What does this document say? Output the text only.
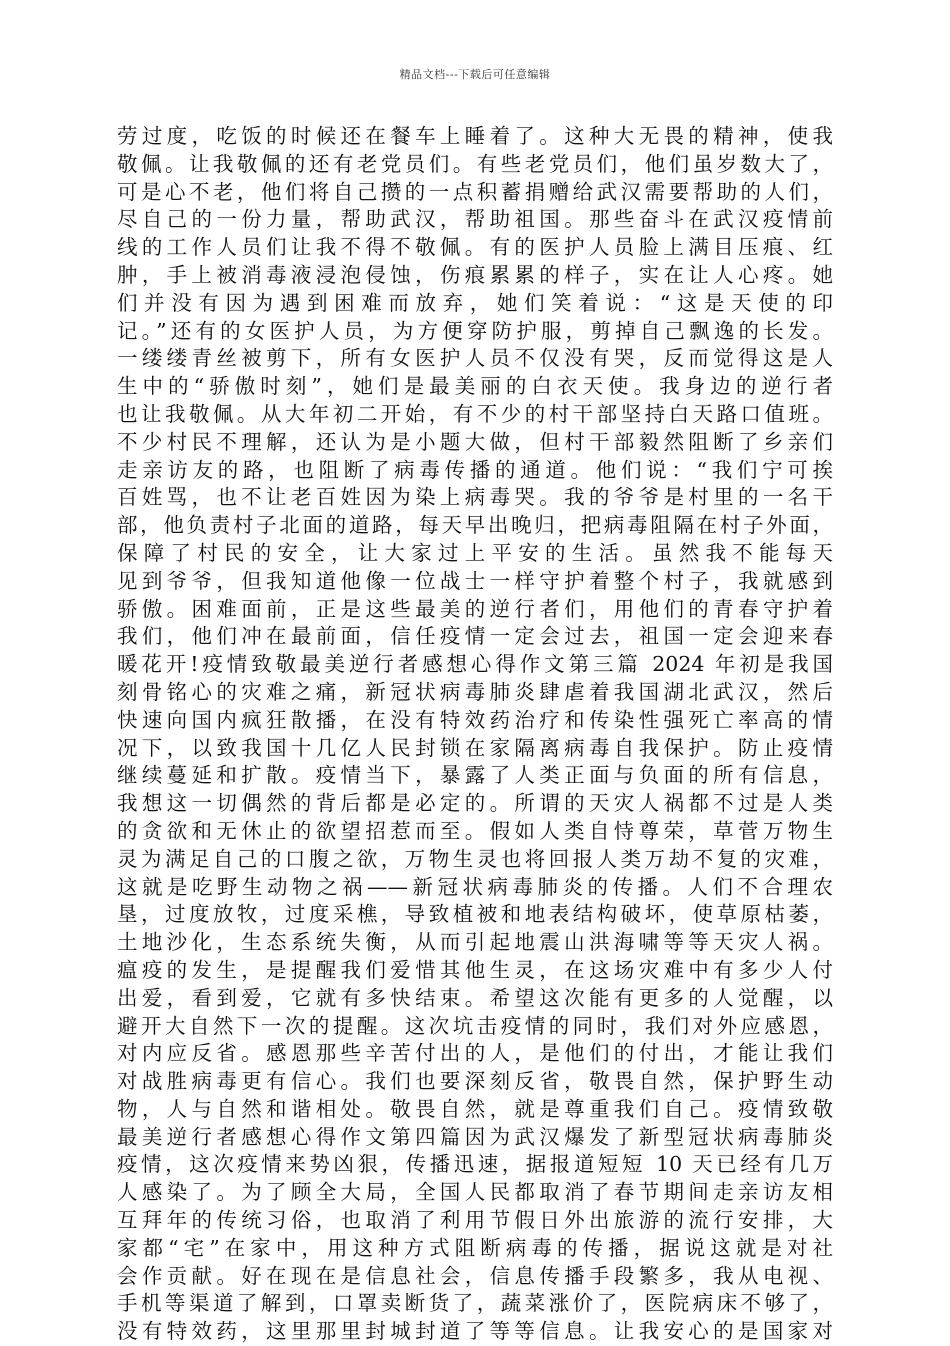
精品文档---下载后可任意编辑
劳过度，吃饭的时候还在餐车上睡着了。这种大无畏的精神，使我
敬佩。让我敬佩的还有老党员们。有些老党员们，他们虽岁数大了，
可是心不老，他们将自己攒的一点积蓄捐赠给武汉需要帮助的人们，
尽自己的一份力量，帮助武汉，帮助祖国。那些奋斗在武汉疫情前
线的工作人员们让我不得不敬佩。有的医护人员脸上满目压痕、红
肿，手上被消毒液浸泡侵蚀，伤痕累累的样子，实在让人心疼。她
们并没有因为遇到困难而放弃，她们笑着说：“这是天使的印
记。”还有的女医护人员，为方便穿防护服，剪掉自己飘逸的长发。
一缕缕青丝被剪下，所有女医护人员不仅没有哭，反而觉得这是人
生中的“骄傲时刻”，她们是最美丽的白衣天使。我身边的逆行者
也让我敬佩。从大年初二开始，有不少的村干部坚持白天路口值班。
不少村民不理解，还认为是小题大做，但村干部毅然阻断了乡亲们
走亲访友的路，也阻断了病毒传播的通道。他们说：“我们宁可挨
百姓骂，也不让老百姓因为染上病毒哭。我的爷爷是村里的一名干
部，他负责村子北面的道路，每天早出晚归，把病毒阻隔在村子外面，
保障了村民的安全，让大家过上平安的生活。虽然我不能每天
见到爷爷，但我知道他像一位战士一样守护着整个村子，我就感到
骄傲。困难面前，正是这些最美的逆行者们，用他们的青春守护着
我们，他们冲在最前面，信任疫情一定会过去，祖国一定会迎来春
暖花开!疫情致敬最美逆行者感想心得作文第三篇 2024 年初是我国
刻骨铭心的灾难之痛，新冠状病毒肺炎肆虐着我国湖北武汉，然后
快速向国内疯狂散播，在没有特效药治疗和传染性强死亡率高的情
况下，以致我国十几亿人民封锁在家隔离病毒自我保护。防止疫情
继续蔓延和扩散。疫情当下，暴露了人类正面与负面的所有信息，
我想这一切偶然的背后都是必定的。所谓的天灾人祸都不过是人类
的贪欲和无休止的欲望招惹而至。假如人类自恃尊荣，草菅万物生
灵为满足自己的口腹之欲，万物生灵也将回报人类万劫不复的灾难，
这就是吃野生动物之祸——新冠状病毒肺炎的传播。人们不合理农
垦，过度放牧，过度采樵，导致植被和地表结构破坏，使草原枯萎，
土地沙化，生态系统失衡，从而引起地震山洪海啸等等天灾人祸。
瘟疫的发生，是提醒我们爱惜其他生灵，在这场灾难中有多少人付
出爱，看到爱，它就有多快结束。希望这次能有更多的人觉醒，以
避开大自然下一次的提醒。这次坑击疫情的同时，我们对外应感恩，
对内应反省。感恩那些辛苦付出的人，是他们的付出，才能让我们
对战胜病毒更有信心。我们也要深刻反省，敬畏自然，保护野生动
物，人与自然和谐相处。敬畏自然，就是尊重我们自己。疫情致敬
最美逆行者感想心得作文第四篇因为武汉爆发了新型冠状病毒肺炎
疫情，这次疫情来势凶狠，传播迅速，据报道短短 10 天已经有几万
人感染了。为了顾全大局，全国人民都取消了春节期间走亲访友相
互拜年的传统习俗，也取消了利用节假日外出旅游的流行安排，大
家都“宅”在家中，用这种方式阻断病毒的传播，据说这就是对社
会作贡献。好在现在是信息社会，信息传播手段繁多，我从电视、
手机等渠道了解到，口罩卖断货了，蔬菜涨价了，医院病床不够了，
没有特效药，这里那里封城封道了等等信息。让我安心的是国家对
